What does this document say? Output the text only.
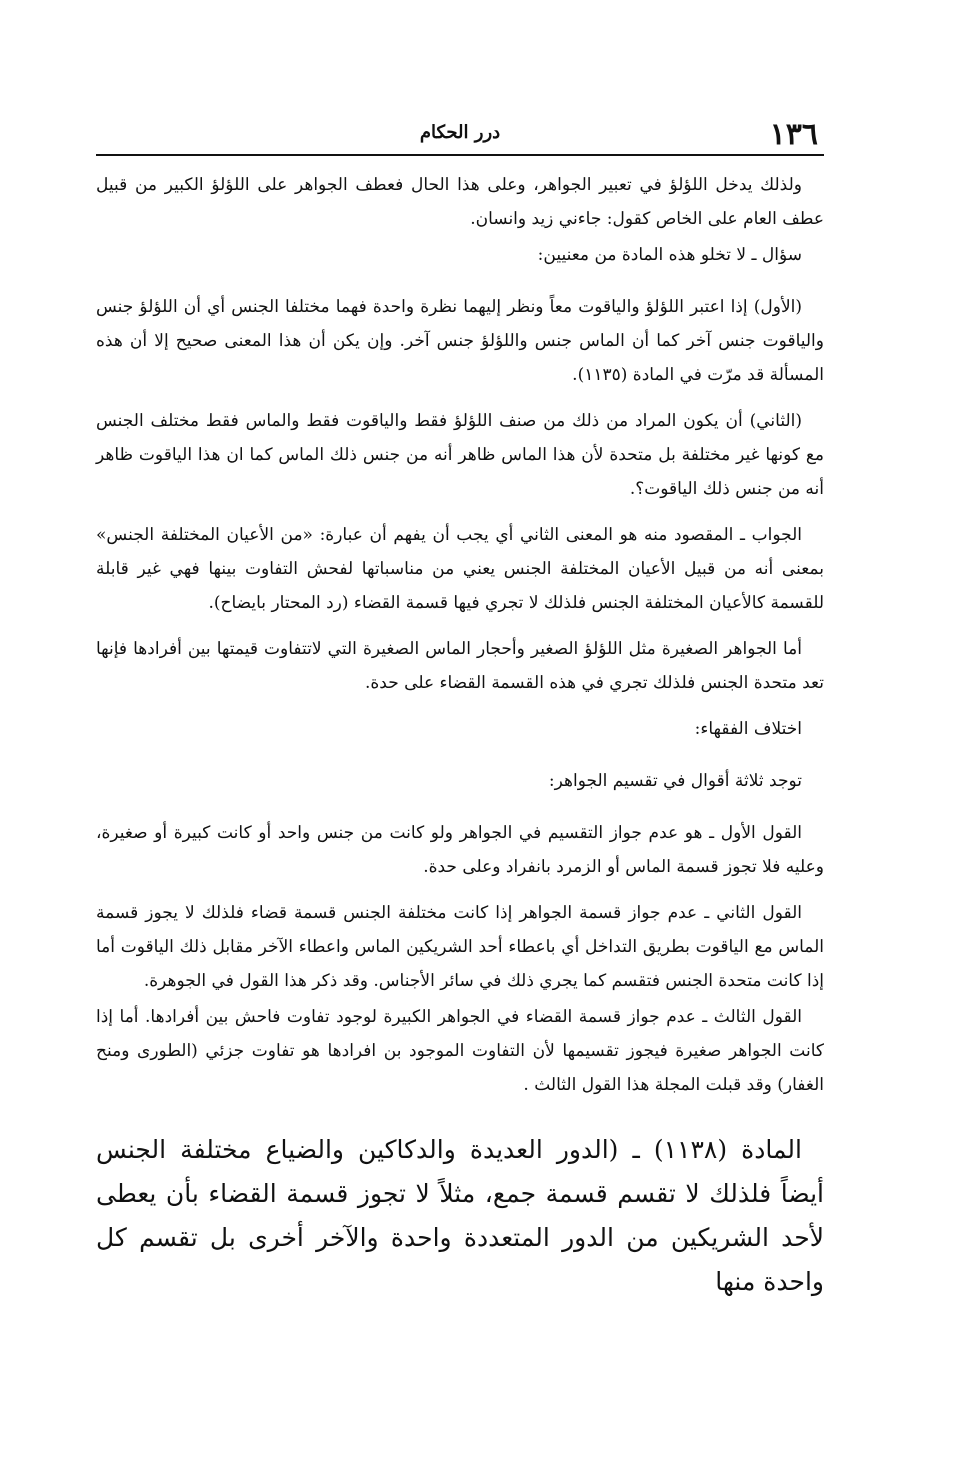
١٣٦
درر الحكام

ولذلك يدخل اللؤلؤ في تعبير الجواهر، وعلى هذا الحال فعطف الجواهر على اللؤلؤ الكبير من قبيل عطف العام على الخاص كقول: جاءني زيد وانسان.

سؤال ـ لا تخلو هذه المادة من معنيين:

(الأول) إذا اعتبر اللؤلؤ والياقوت معاً ونظر إليهما نظرة واحدة فهما مختلفا الجنس أي أن اللؤلؤ جنس والياقوت جنس آخر كما أن الماس جنس واللؤلؤ جنس آخر. وإن يكن أن هذا المعنى صحيح إلا أن هذه المسألة قد مرّت في المادة (١١٣٥).

(الثاني) أن يكون المراد من ذلك من صنف اللؤلؤ فقط والياقوت فقط والماس فقط مختلف الجنس مع كونها غير مختلفة بل متحدة لأن هذا الماس ظاهر أنه من جنس ذلك الماس كما ان هذا الياقوت ظاهر أنه من جنس ذلك الياقوت؟.

الجواب ـ المقصود منه هو المعنى الثاني أي يجب أن يفهم أن عبارة: «من الأعيان المختلفة الجنس» بمعنى أنه من قبيل الأعيان المختلفة الجنس يعني من مناسباتها لفحش التفاوت بينها فهي غير قابلة للقسمة كالأعيان المختلفة الجنس فلذلك لا تجري فيها قسمة القضاء (رد المحتار بايضاح).

أما الجواهر الصغيرة مثل اللؤلؤ الصغير وأحجار الماس الصغيرة التي لاتتفاوت قيمتها بين أفرادها فإنها تعد متحدة الجنس فلذلك تجري في هذه القسمة القضاء على حدة.

اختلاف الفقهاء:

توجد ثلاثة أقوال في تقسيم الجواهر:

القول الأول ـ هو عدم جواز التقسيم في الجواهر ولو كانت من جنس واحد أو كانت كبيرة أو صغيرة، وعليه فلا تجوز قسمة الماس أو الزمرد بانفراد وعلى حدة.

القول الثاني ـ عدم جواز قسمة الجواهر إذا كانت مختلفة الجنس قسمة قضاء فلذلك لا يجوز قسمة الماس مع الياقوت بطريق التداخل أي باعطاء أحد الشريكين الماس واعطاء الآخر مقابل ذلك الياقوت أما إذا كانت متحدة الجنس فتقسم كما يجري ذلك في سائر الأجناس. وقد ذكر هذا القول في الجوهرة.

القول الثالث ـ عدم جواز قسمة القضاء في الجواهر الكبيرة لوجود تفاوت فاحش بين أفرادها. أما إذا كانت الجواهر صغيرة فيجوز تقسيمها لأن التفاوت الموجود بن افرادها هو تفاوت جزئي (الطورى ومنح الغفار) وقد قبلت المجلة هذا القول الثالث .

المادة (١١٣٨) ـ (الدور العديدة والدكاكين والضياع مختلفة الجنس أيضاً فلذلك لا تقسم قسمة جمع، مثلاً لا تجوز قسمة القضاء بأن يعطى لأحد الشريكين من الدور المتعددة واحدة والآخر أخرى بل تقسم كل واحدة منها
